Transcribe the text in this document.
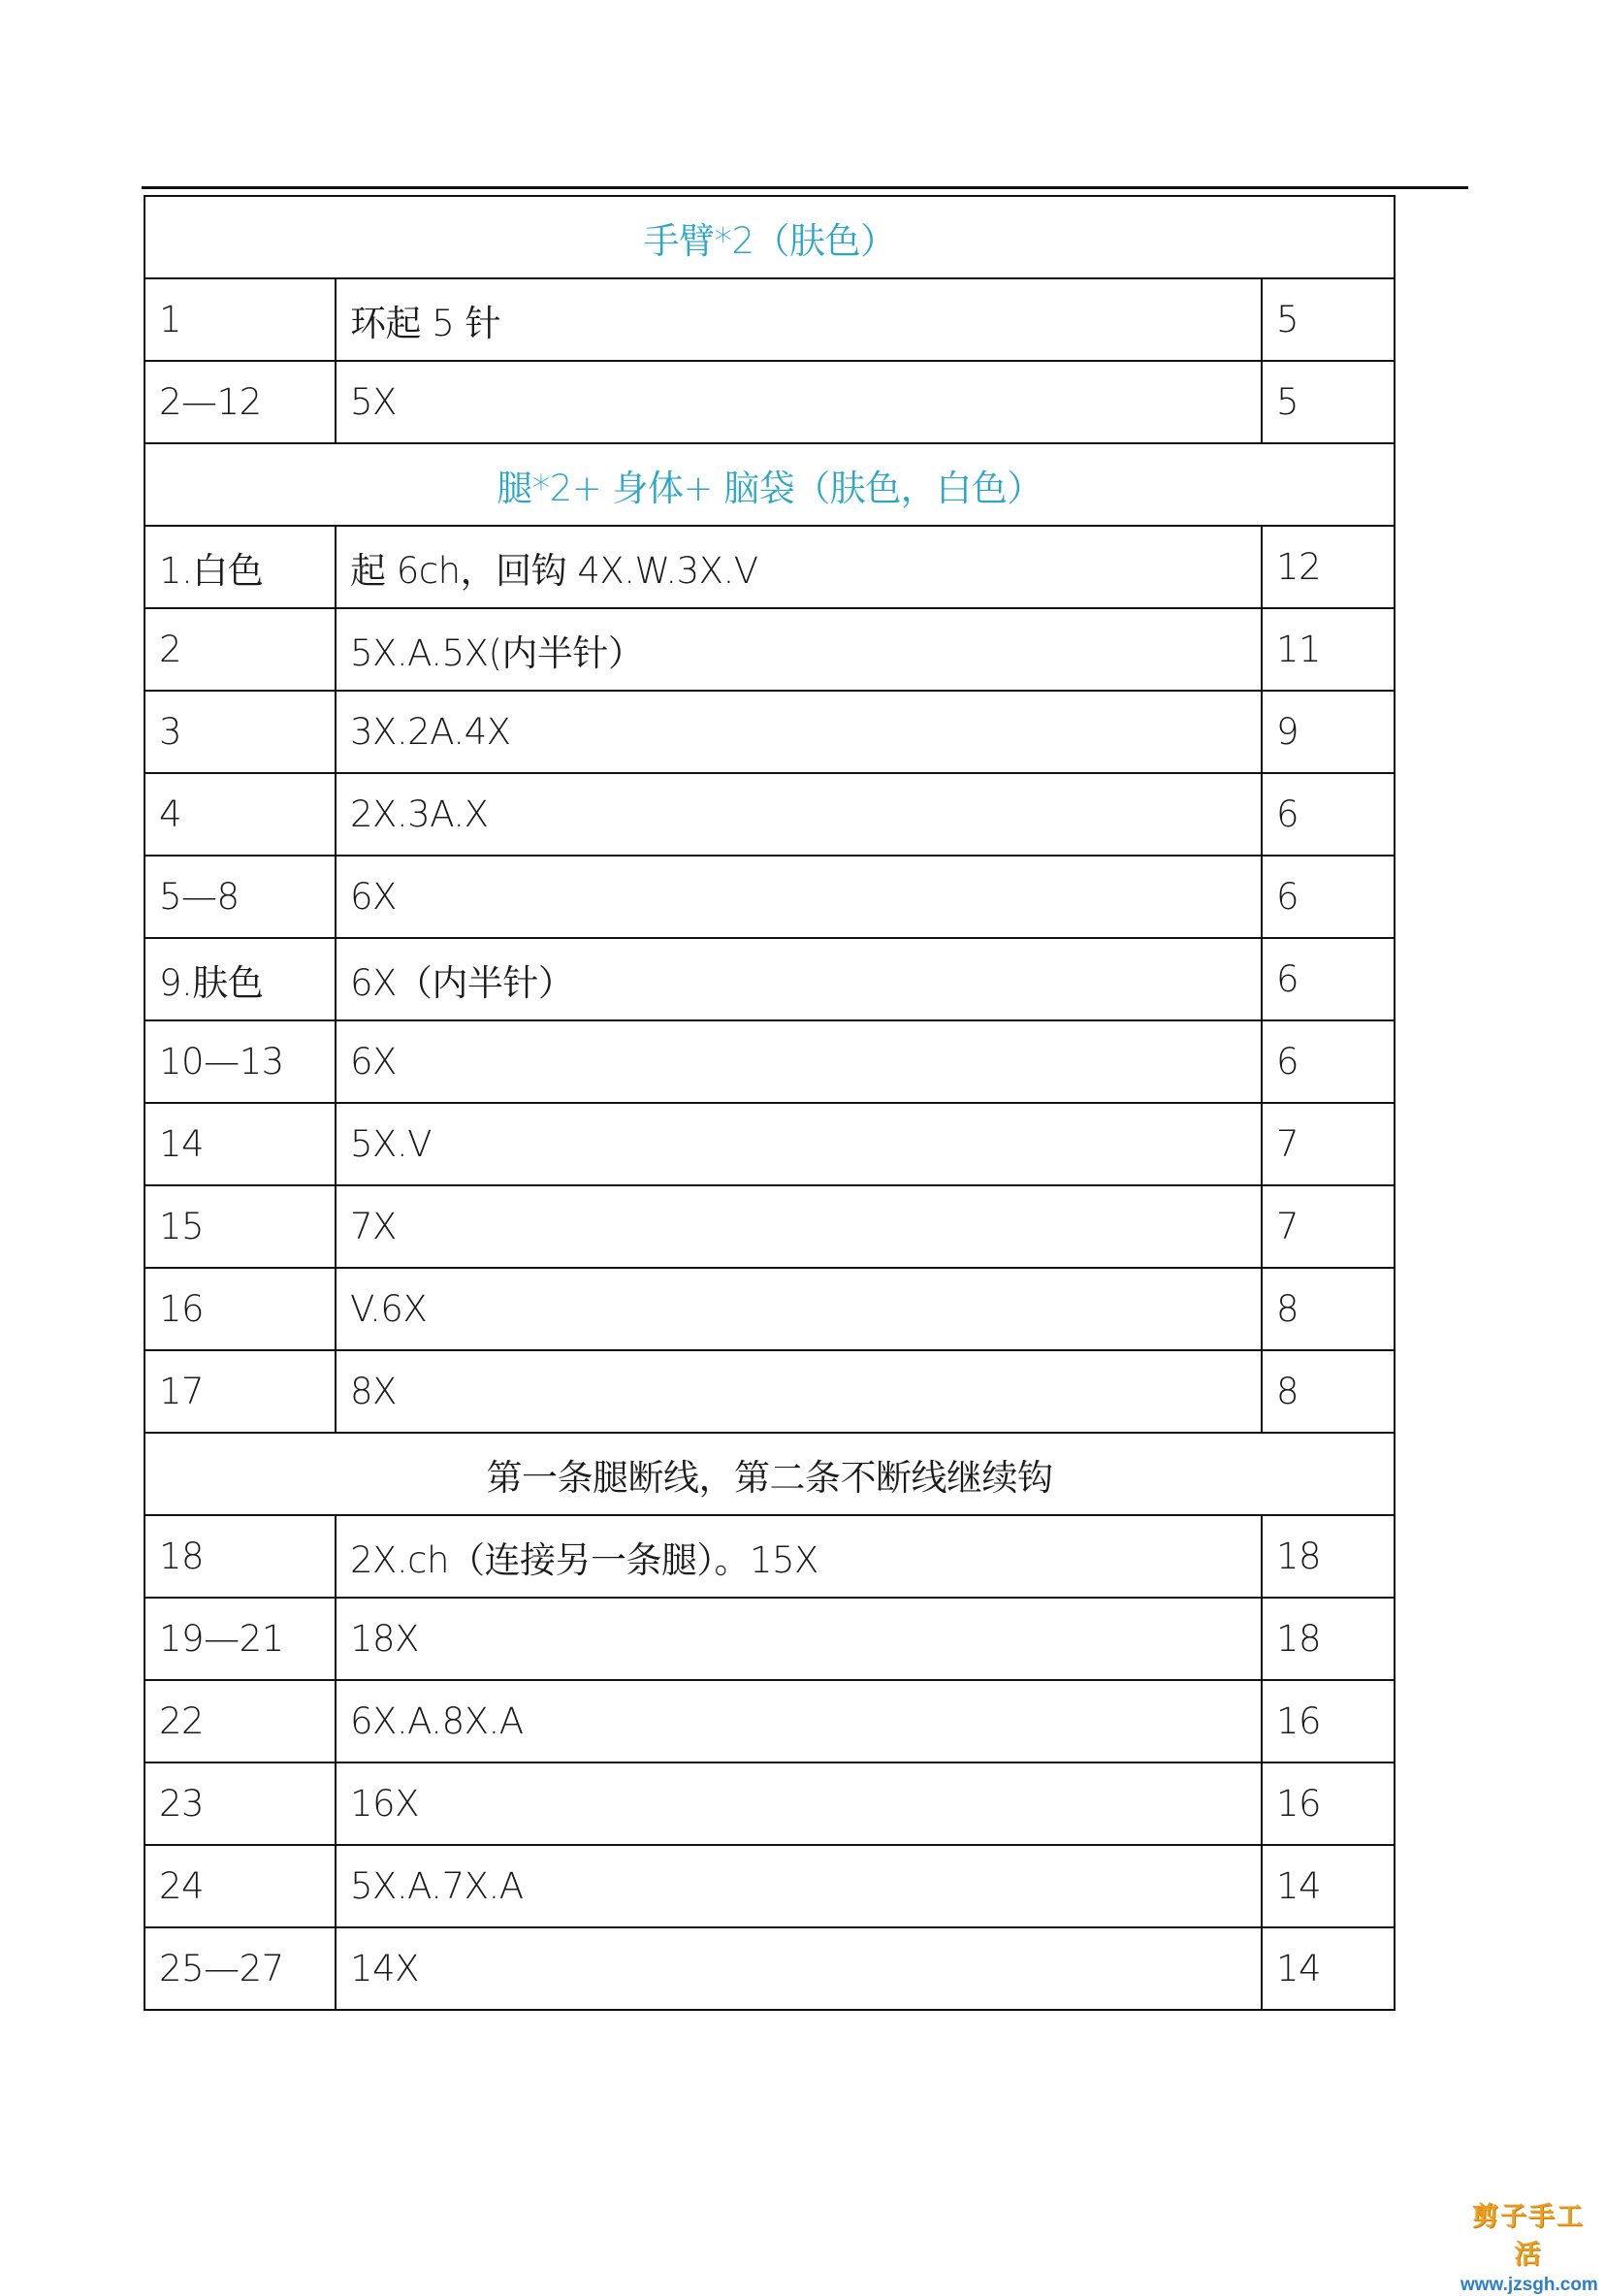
手臂*2（肤色）		
1	环起 5 针	5
2—12	5X	5
腿*2+ 身体+ 脑袋（肤色，白色）		
1.白色	起 6ch，回钩 4X.W.3X.V	12
2	5X.A.5X(内半针）	11
3	3X.2A.4X	9
4	2X.3A.X	6
5—8	6X	6
9.肤色	6X（内半针）	6
10—13	6X	6
14	5X.V	7
15	7X	7
16	V.6X	8
17	8X	8
第一条腿断线，第二条不断线继续钩		
18	2X.ch（连接另一条腿）。15X	18
19—21	18X	18
22	6X.A.8X.A	16
23	16X	16
24	5X.A.7X.A	14
25—27	14X	14
剪子手工活
www.jzsgh.com
